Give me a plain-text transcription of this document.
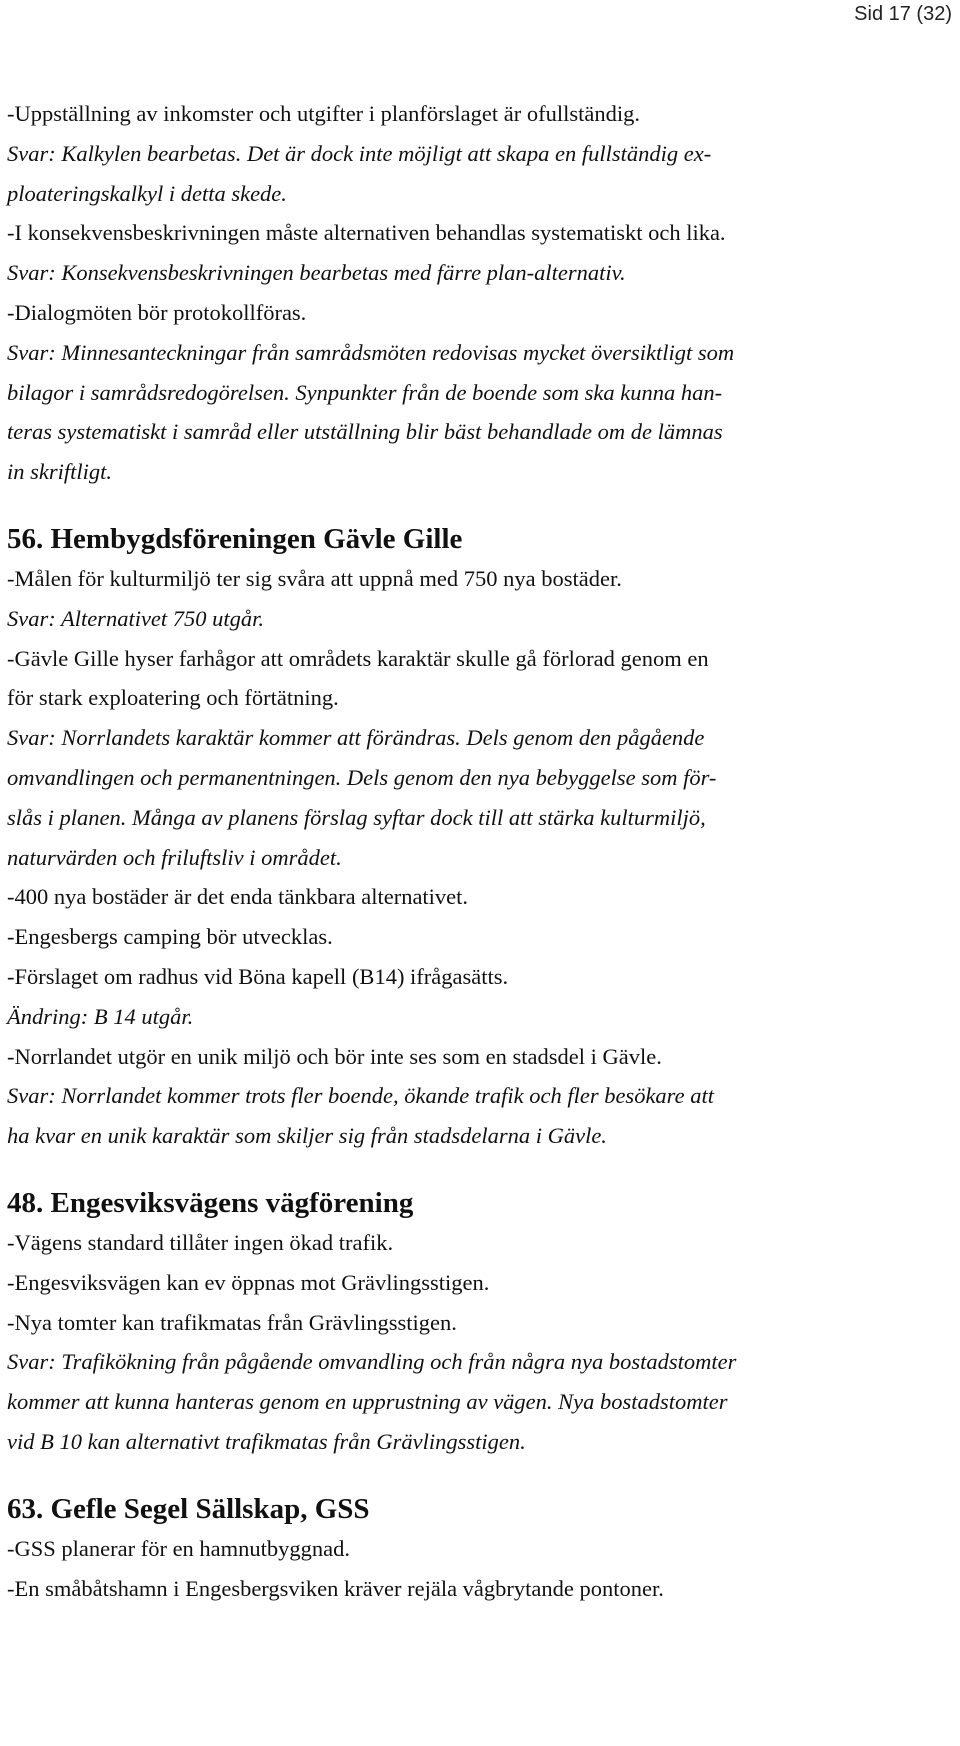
Sid 17 (32)

-Uppställning av inkomster och utgifter i planförslaget är ofullständig.

Svar: Kalkylen bearbetas. Det är dock inte möjligt att skapa en fullständig ex-

ploateringskalkyl i detta skede.

-I konsekvensbeskrivningen måste alternativen behandlas systematiskt och lika.

Svar: Konsekvensbeskrivningen bearbetas med färre plan-alternativ.

-Dialogmöten bör protokollföras.

Svar: Minnesanteckningar från samrådsmöten redovisas mycket översiktligt som

bilagor i samrådsredogörelsen. Synpunkter från de boende som ska kunna han-

teras systematiskt i samråd eller utställning blir bäst behandlade om de lämnas

in skriftligt.

56. Hembygdsföreningen Gävle Gille

-Målen för kulturmiljö ter sig svåra att uppnå med 750 nya bostäder.

Svar: Alternativet 750 utgår.

-Gävle Gille hyser farhågor att områdets karaktär skulle gå förlorad genom en

för stark exploatering och förtätning.

Svar: Norrlandets karaktär kommer att förändras. Dels genom den pågående

omvandlingen och permanentningen. Dels genom den nya bebyggelse som för-

slås i planen. Många av planens förslag syftar dock till att stärka kulturmiljö,

naturvärden och friluftsliv i området.

-400 nya bostäder är det enda tänkbara alternativet.

-Engesbergs camping bör utvecklas.

-Förslaget om radhus vid Böna kapell (B14) ifrågasätts.

Ändring: B 14 utgår.

-Norrlandet utgör en unik miljö och bör inte ses som en stadsdel i Gävle.

Svar: Norrlandet kommer trots fler boende, ökande trafik och fler besökare att

ha kvar en unik karaktär som skiljer sig från stadsdelarna i Gävle.

48. Engesviksvägens vägförening

-Vägens standard tillåter ingen ökad trafik.

-Engesviksvägen kan ev öppnas mot Grävlingsstigen.

-Nya tomter kan trafikmatas från Grävlingsstigen.

Svar: Trafikökning från pågående omvandling och från några nya bostadstomter

kommer att kunna hanteras genom en upprustning av vägen. Nya bostadstomter

vid B 10 kan alternativt trafikmatas från Grävlingsstigen.

63. Gefle Segel Sällskap, GSS

-GSS planerar för en hamnutbyggnad.

-En småbåtshamn i Engesbergsviken kräver rejäla vågbrytande pontoner.
